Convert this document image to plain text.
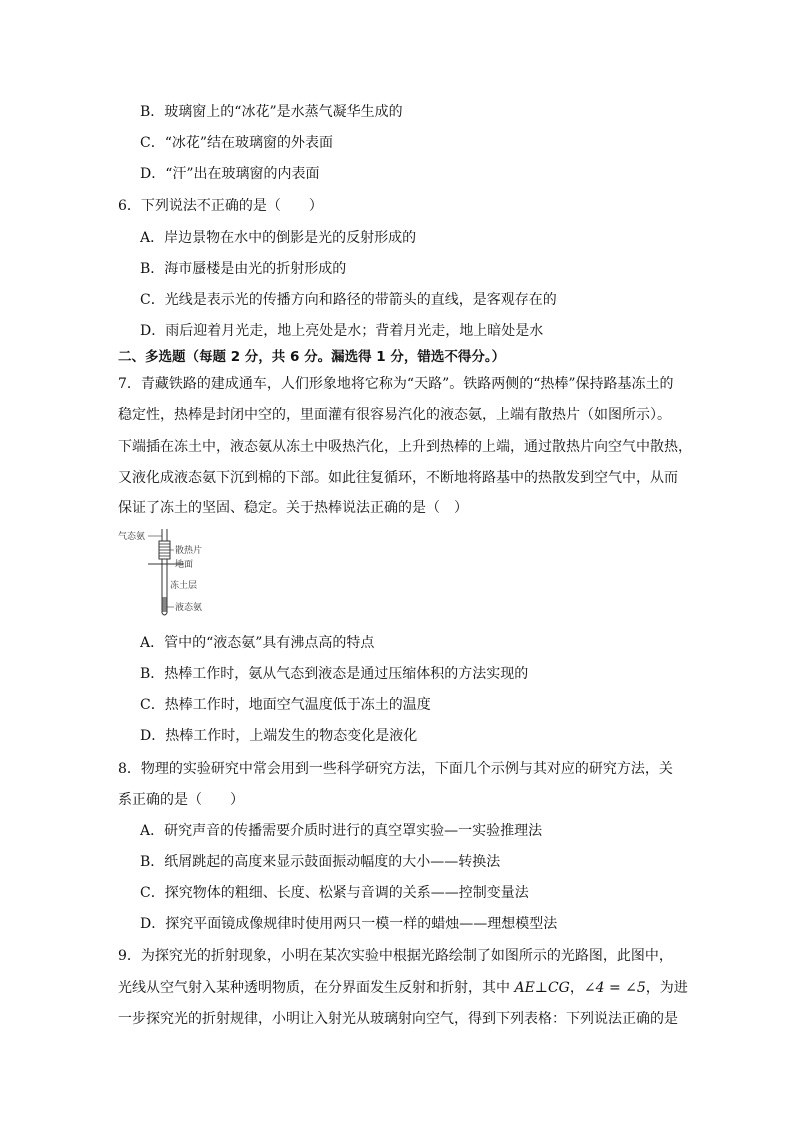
B．玻璃窗上的“冰花”是水蒸气凝华生成的
C．“冰花”结在玻璃窗的外表面
D．“汗”出在玻璃窗的内表面
6．下列说法不正确的是（　　）
A．岸边景物在水中的倒影是光的反射形成的
B．海市蜃楼是由光的折射形成的
C．光线是表示光的传播方向和路径的带箭头的直线，是客观存在的
D．雨后迎着月光走，地上亮处是水；背着月光走，地上暗处是水
二、多选题（每题 2 分，共 6 分。漏选得 1 分，错选不得分。）
7．青藏铁路的建成通车，人们形象地将它称为“天路”。铁路两侧的“热棒”保持路基冻土的
稳定性，热棒是封闭中空的，里面灌有很容易汽化的液态氨，上端有散热片（如图所示）。
下端插在冻土中，液态氨从冻土中吸热汽化，上升到热棒的上端，通过散热片向空气中散热，
又液化成液态氨下沉到棉的下部。如此往复循环，不断地将路基中的热散发到空气中，从而
保证了冻土的坚固、稳定。关于热棒说法正确的是（　）
气态氨
散热片
地面
冻土层
液态氨
A．管中的“液态氨”具有沸点高的特点
B．热棒工作时，氨从气态到液态是通过压缩体积的方法实现的
C．热棒工作时，地面空气温度低于冻土的温度
D．热棒工作时，上端发生的物态变化是液化
8．物理的实验研究中常会用到一些科学研究方法，下面几个示例与其对应的研究方法，关
系正确的是（　　）
A．研究声音的传播需要介质时进行的真空罩实验—一实验推理法
B．纸屑跳起的高度来显示鼓面振动幅度的大小——转换法
C．探究物体的粗细、长度、松紧与音调的关系——控制变量法
D．探究平面镜成像规律时使用两只一模一样的蜡烛——理想模型法
9．为探究光的折射现象，小明在某次实验中根据光路绘制了如图所示的光路图，此图中，
光线从空气射入某种透明物质，在分界面发生反射和折射，其中 AE⊥CG，∠4 = ∠5，为进
一步探究光的折射规律，小明让入射光从玻璃射向空气，得到下列表格：下列说法正确的是
